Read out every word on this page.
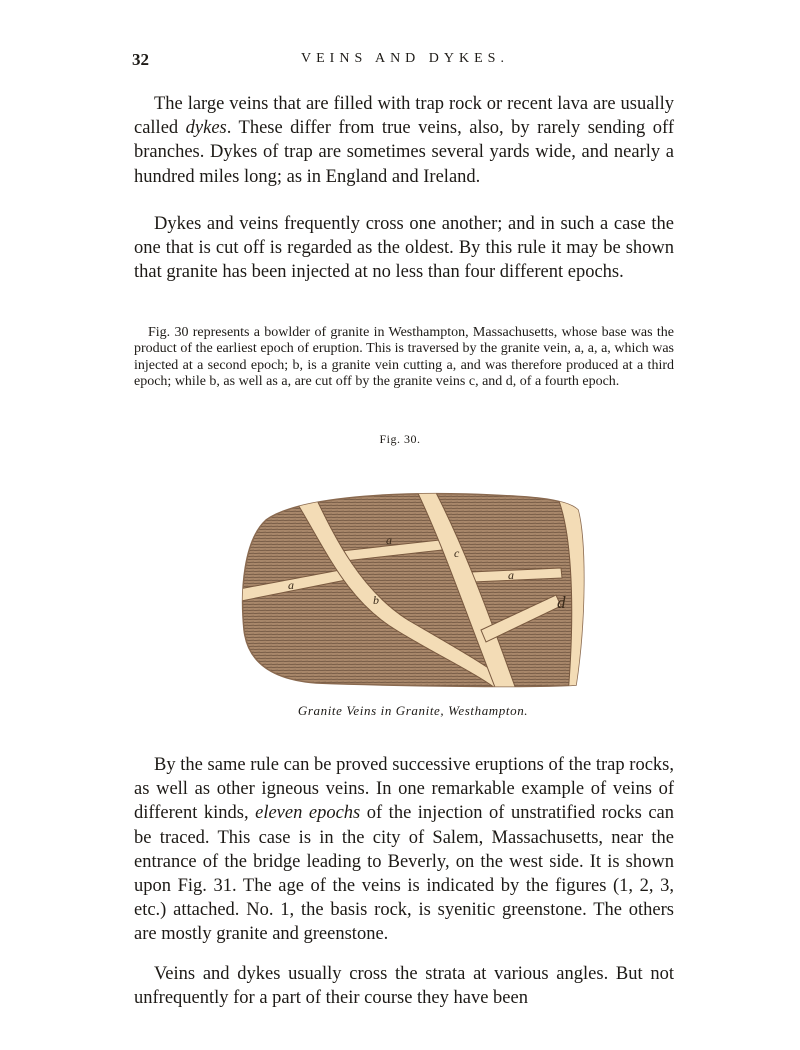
32	VEINS AND DYKES.

The large veins that are filled with trap rock or recent lava are usually called dykes. These differ from true veins, also, by rarely sending off branches. Dykes of trap are sometimes several yards wide, and nearly a hundred miles long; as in England and Ireland.

Dykes and veins frequently cross one another; and in such a case the one that is cut off is regarded as the oldest. By this rule it may be shown that granite has been injected at no less than four different epochs.

Fig. 30 represents a bowlder of granite in Westhampton, Massachusetts, whose base was the product of the earliest epoch of eruption. This is traversed by the granite vein, a, a, a, which was injected at a second epoch; b, is a granite vein cutting a, and was therefore produced at a third epoch; while b, as well as a, are cut off by the granite veins c, and d, of a fourth epoch.

Fig. 30.
a
a
a
b
c
d
Granite Veins in Granite, Westhampton.

By the same rule can be proved successive eruptions of the trap rocks, as well as other igneous veins. In one remarkable example of veins of different kinds, eleven epochs of the injection of unstratified rocks can be traced. This case is in the city of Salem, Massachusetts, near the entrance of the bridge leading to Beverly, on the west side. It is shown upon Fig. 31. The age of the veins is indicated by the figures (1, 2, 3, etc.) attached. No. 1, the basis rock, is syenitic greenstone. The others are mostly granite and greenstone.

Veins and dykes usually cross the strata at various angles. But not unfrequently for a part of their course they have been
